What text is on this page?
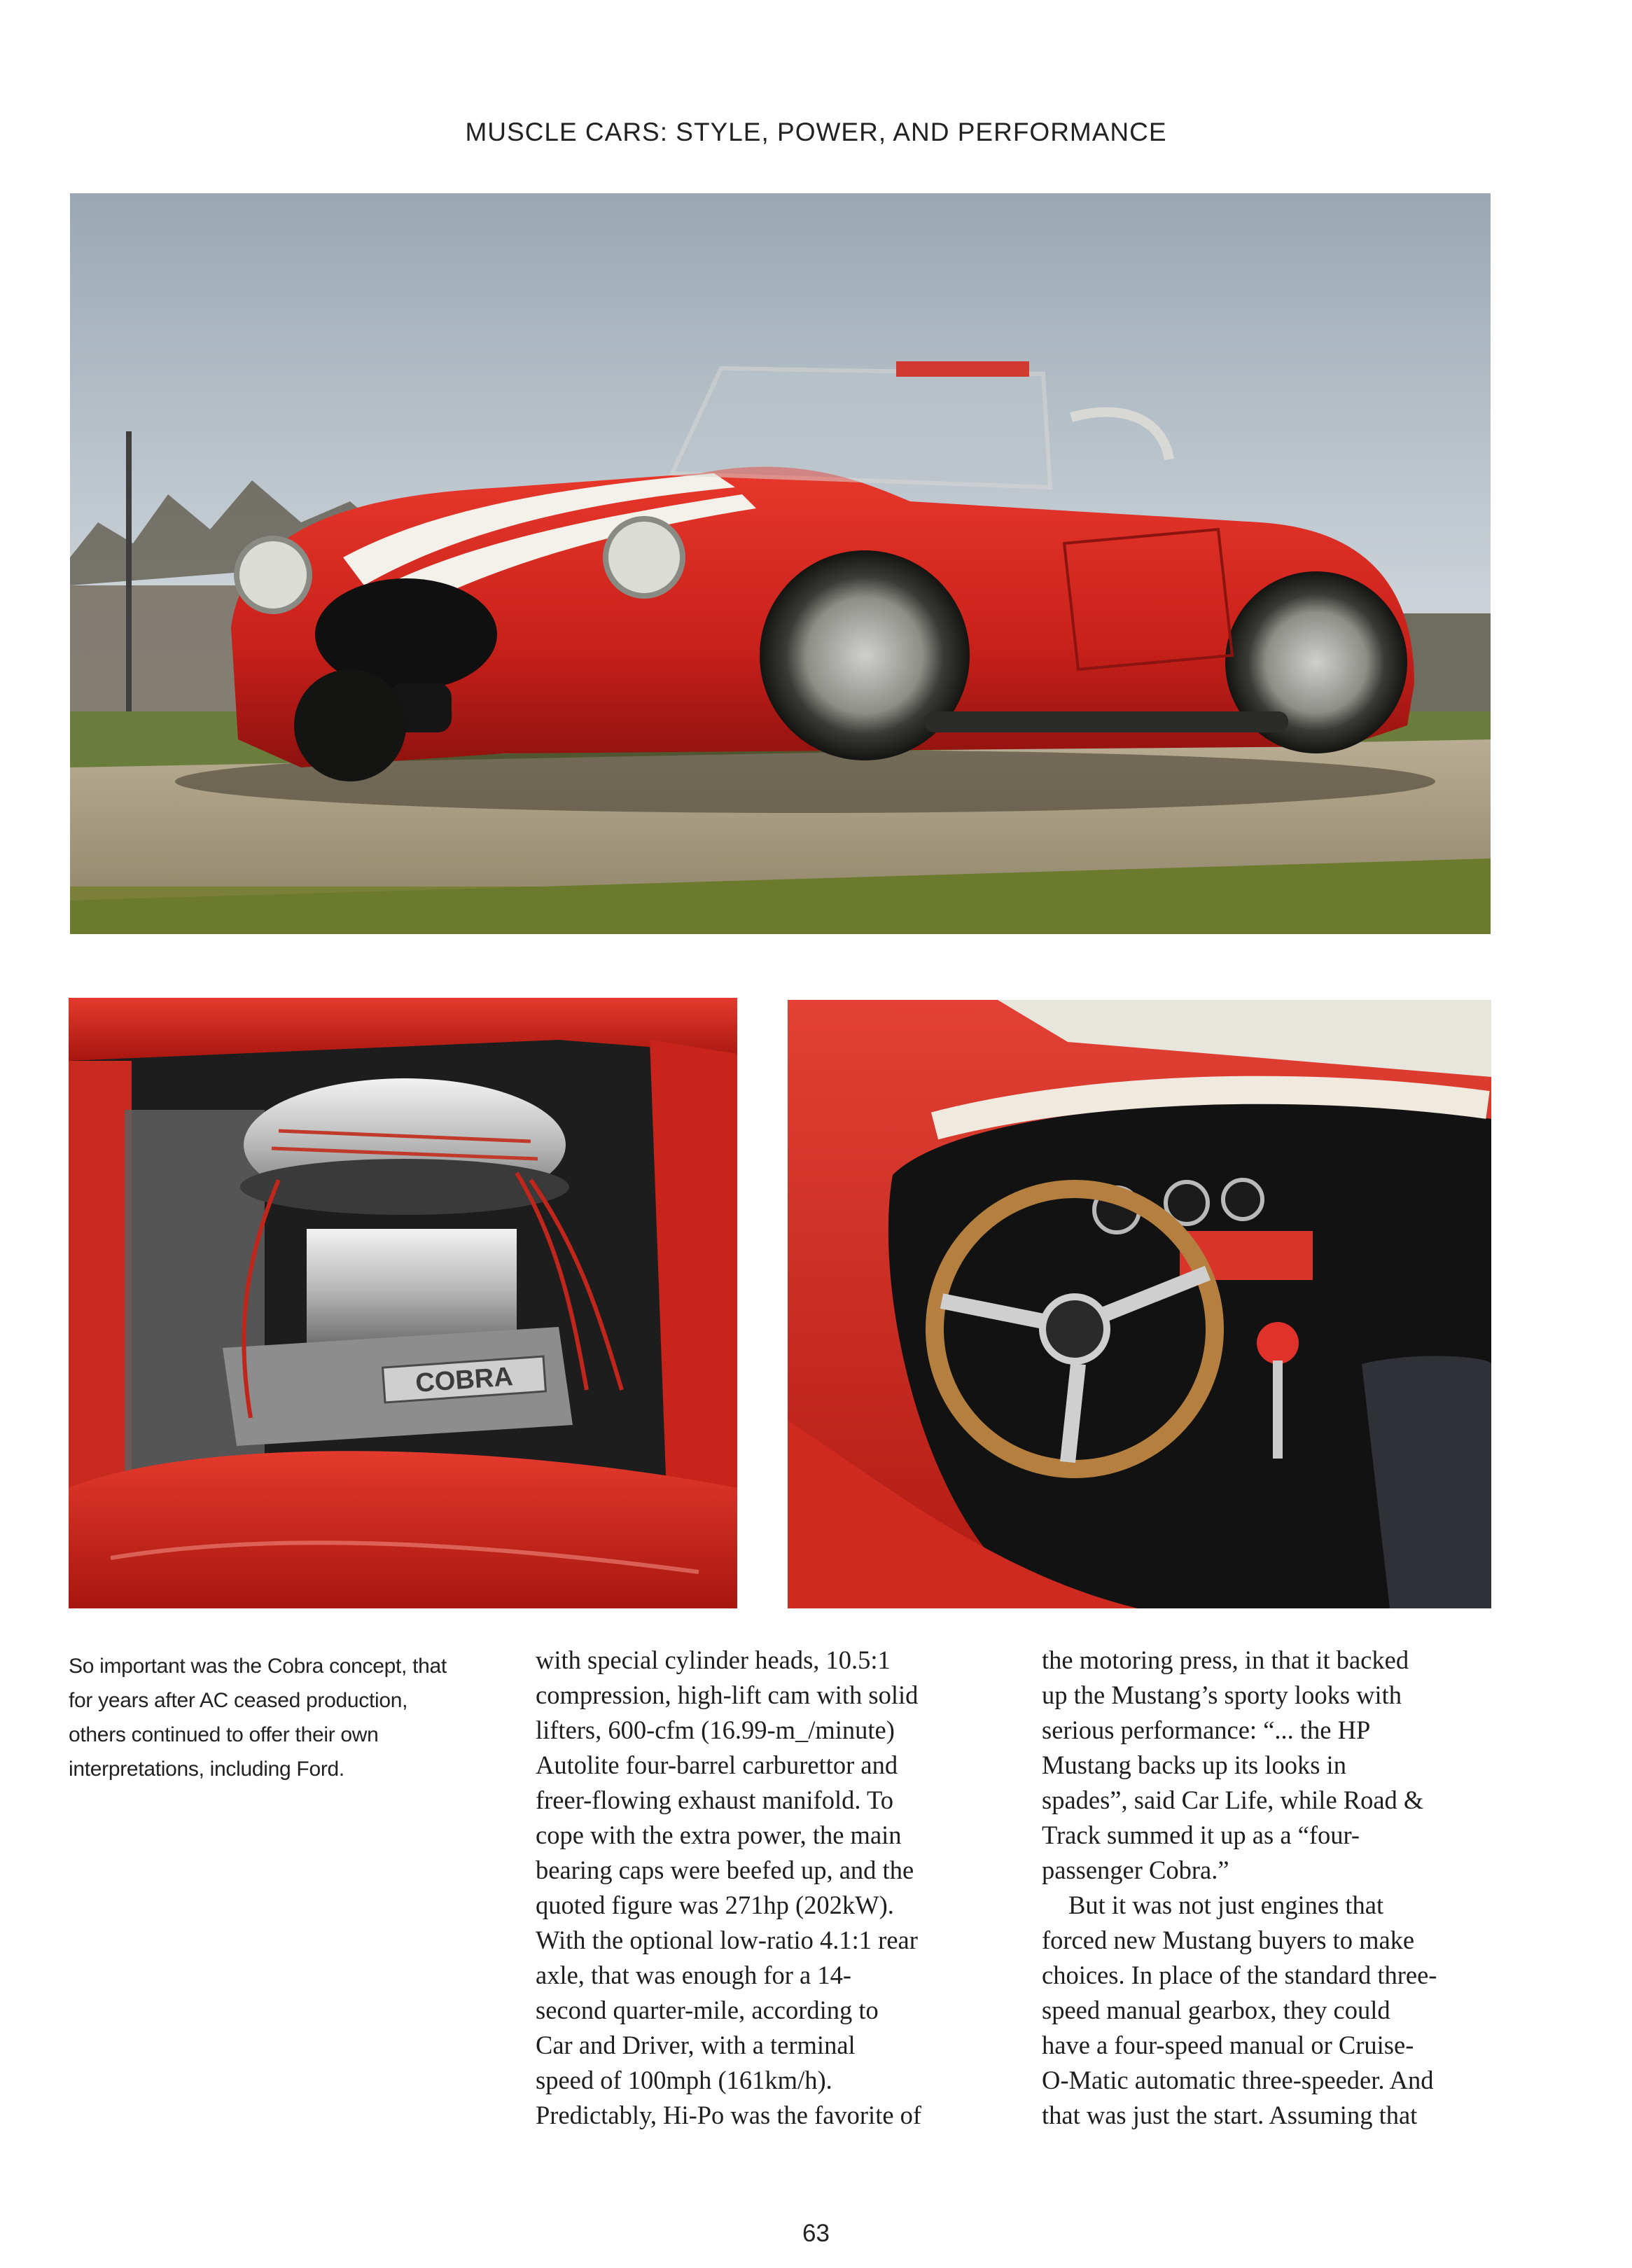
MUSCLE CARS: STYLE, POWER, AND PERFORMANCE
COBRA
So important was the Cobra concept, that
for years after AC ceased production,
others continued to offer their own
interpretations, including Ford.
with special cylinder heads, 10.5:1
compression, high-lift cam with solid
lifters, 600-cfm (16.99-m_/minute)
Autolite four-barrel carburettor and
freer-flowing exhaust manifold. To
cope with the extra power, the main
bearing caps were beefed up, and the
quoted figure was 271hp (202kW).
With the optional low-ratio 4.1:1 rear
axle, that was enough for a 14-
second quarter-mile, according to
Car and Driver, with a terminal
speed of 100mph (161km/h).
Predictably, Hi-Po was the favorite of
the motoring press, in that it backed
up the Mustang’s sporty looks with
serious performance: “... the HP
Mustang backs up its looks in
spades”, said Car Life, while Road &
Track summed it up as a “four-
passenger Cobra.”
But it was not just engines that
forced new Mustang buyers to make
choices. In place of the standard three-
speed manual gearbox, they could
have a four-speed manual or Cruise-
O-Matic automatic three-speeder. And
that was just the start. Assuming that
63
